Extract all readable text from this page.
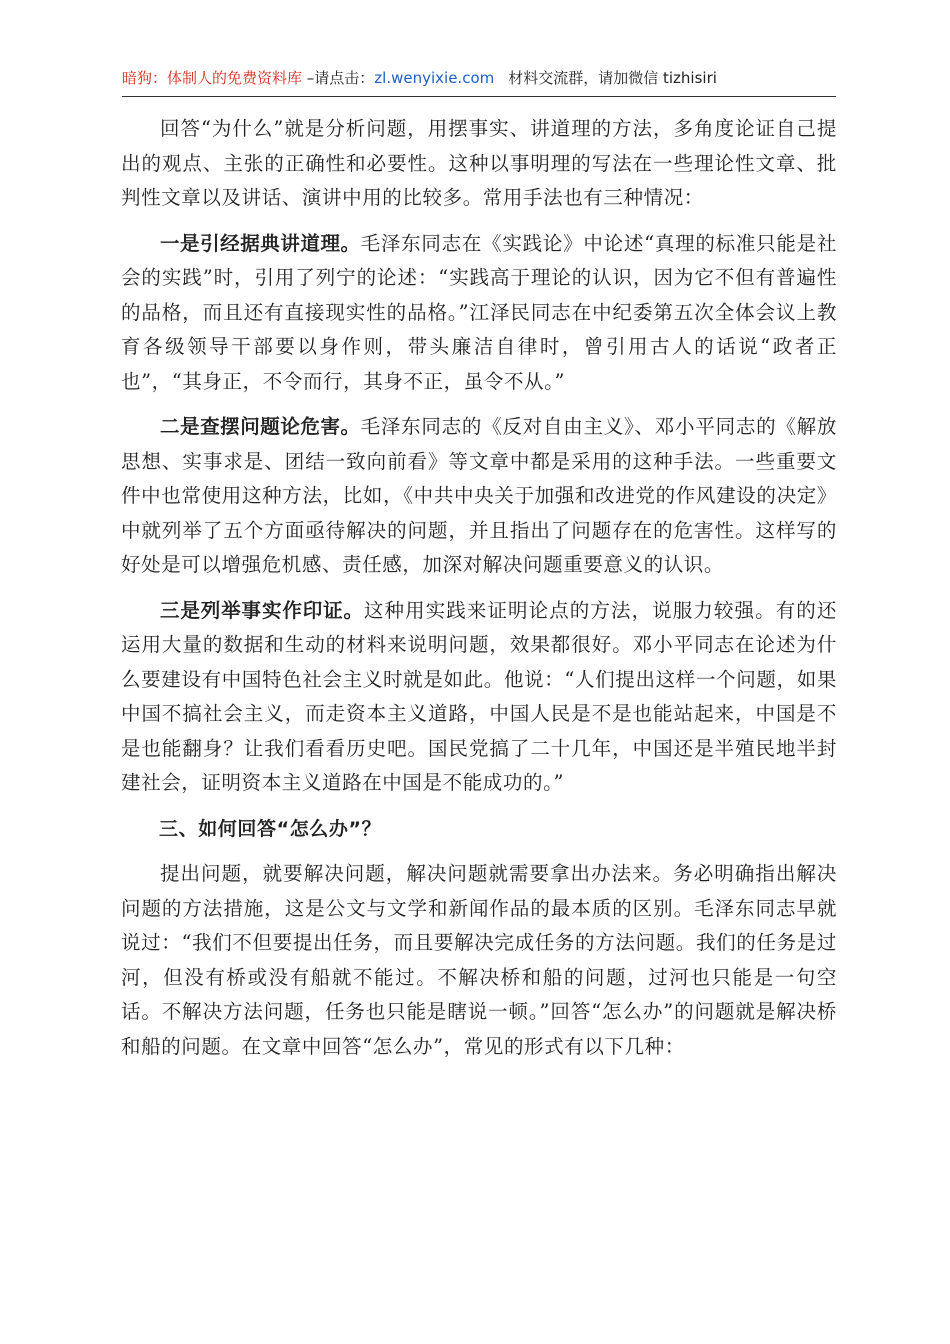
暗狗：体制人的免费资料库 –请点击：zl.wenyixie.com 材料交流群，请加微信 tizhisiri

回答“为什么”就是分析问题，用摆事实、讲道理的方法，多角度论证自己提出的观点、主张的正确性和必要性。这种以事明理的写法在一些理论性文章、批判性文章以及讲话、演讲中用的比较多。常用手法也有三种情况：

一是引经据典讲道理。毛泽东同志在《实践论》中论述“真理的标准只能是社会的实践”时，引用了列宁的论述：“实践高于理论的认识，因为它不但有普遍性的品格，而且还有直接现实性的品格。”江泽民同志在中纪委第五次全体会议上教育各级领导干部要以身作则，带头廉洁自律时，曾引用古人的话说“政者正也”，“其身正，不令而行，其身不正，虽令不从。”

二是查摆问题论危害。毛泽东同志的《反对自由主义》、邓小平同志的《解放思想、实事求是、团结一致向前看》等文章中都是采用的这种手法。一些重要文件中也常使用这种方法，比如，《中共中央关于加强和改进党的作风建设的决定》中就列举了五个方面亟待解决的问题，并且指出了问题存在的危害性。这样写的好处是可以增强危机感、责任感，加深对解决问题重要意义的认识。

三是列举事实作印证。这种用实践来证明论点的方法，说服力较强。有的还运用大量的数据和生动的材料来说明问题，效果都很好。邓小平同志在论述为什么要建设有中国特色社会主义时就是如此。他说：“人们提出这样一个问题，如果中国不搞社会主义，而走资本主义道路，中国人民是不是也能站起来，中国是不是也能翻身？让我们看看历史吧。国民党搞了二十几年，中国还是半殖民地半封建社会，证明资本主义道路在中国是不能成功的。”

三、如何回答“怎么办”？

提出问题，就要解决问题，解决问题就需要拿出办法来。务必明确指出解决问题的方法措施，这是公文与文学和新闻作品的最本质的区别。毛泽东同志早就说过：“我们不但要提出任务，而且要解决完成任务的方法问题。我们的任务是过河，但没有桥或没有船就不能过。不解决桥和船的问题，过河也只能是一句空话。不解决方法问题，任务也只能是瞎说一顿。”回答“怎么办”的问题就是解决桥和船的问题。在文章中回答“怎么办”，常见的形式有以下几种：
